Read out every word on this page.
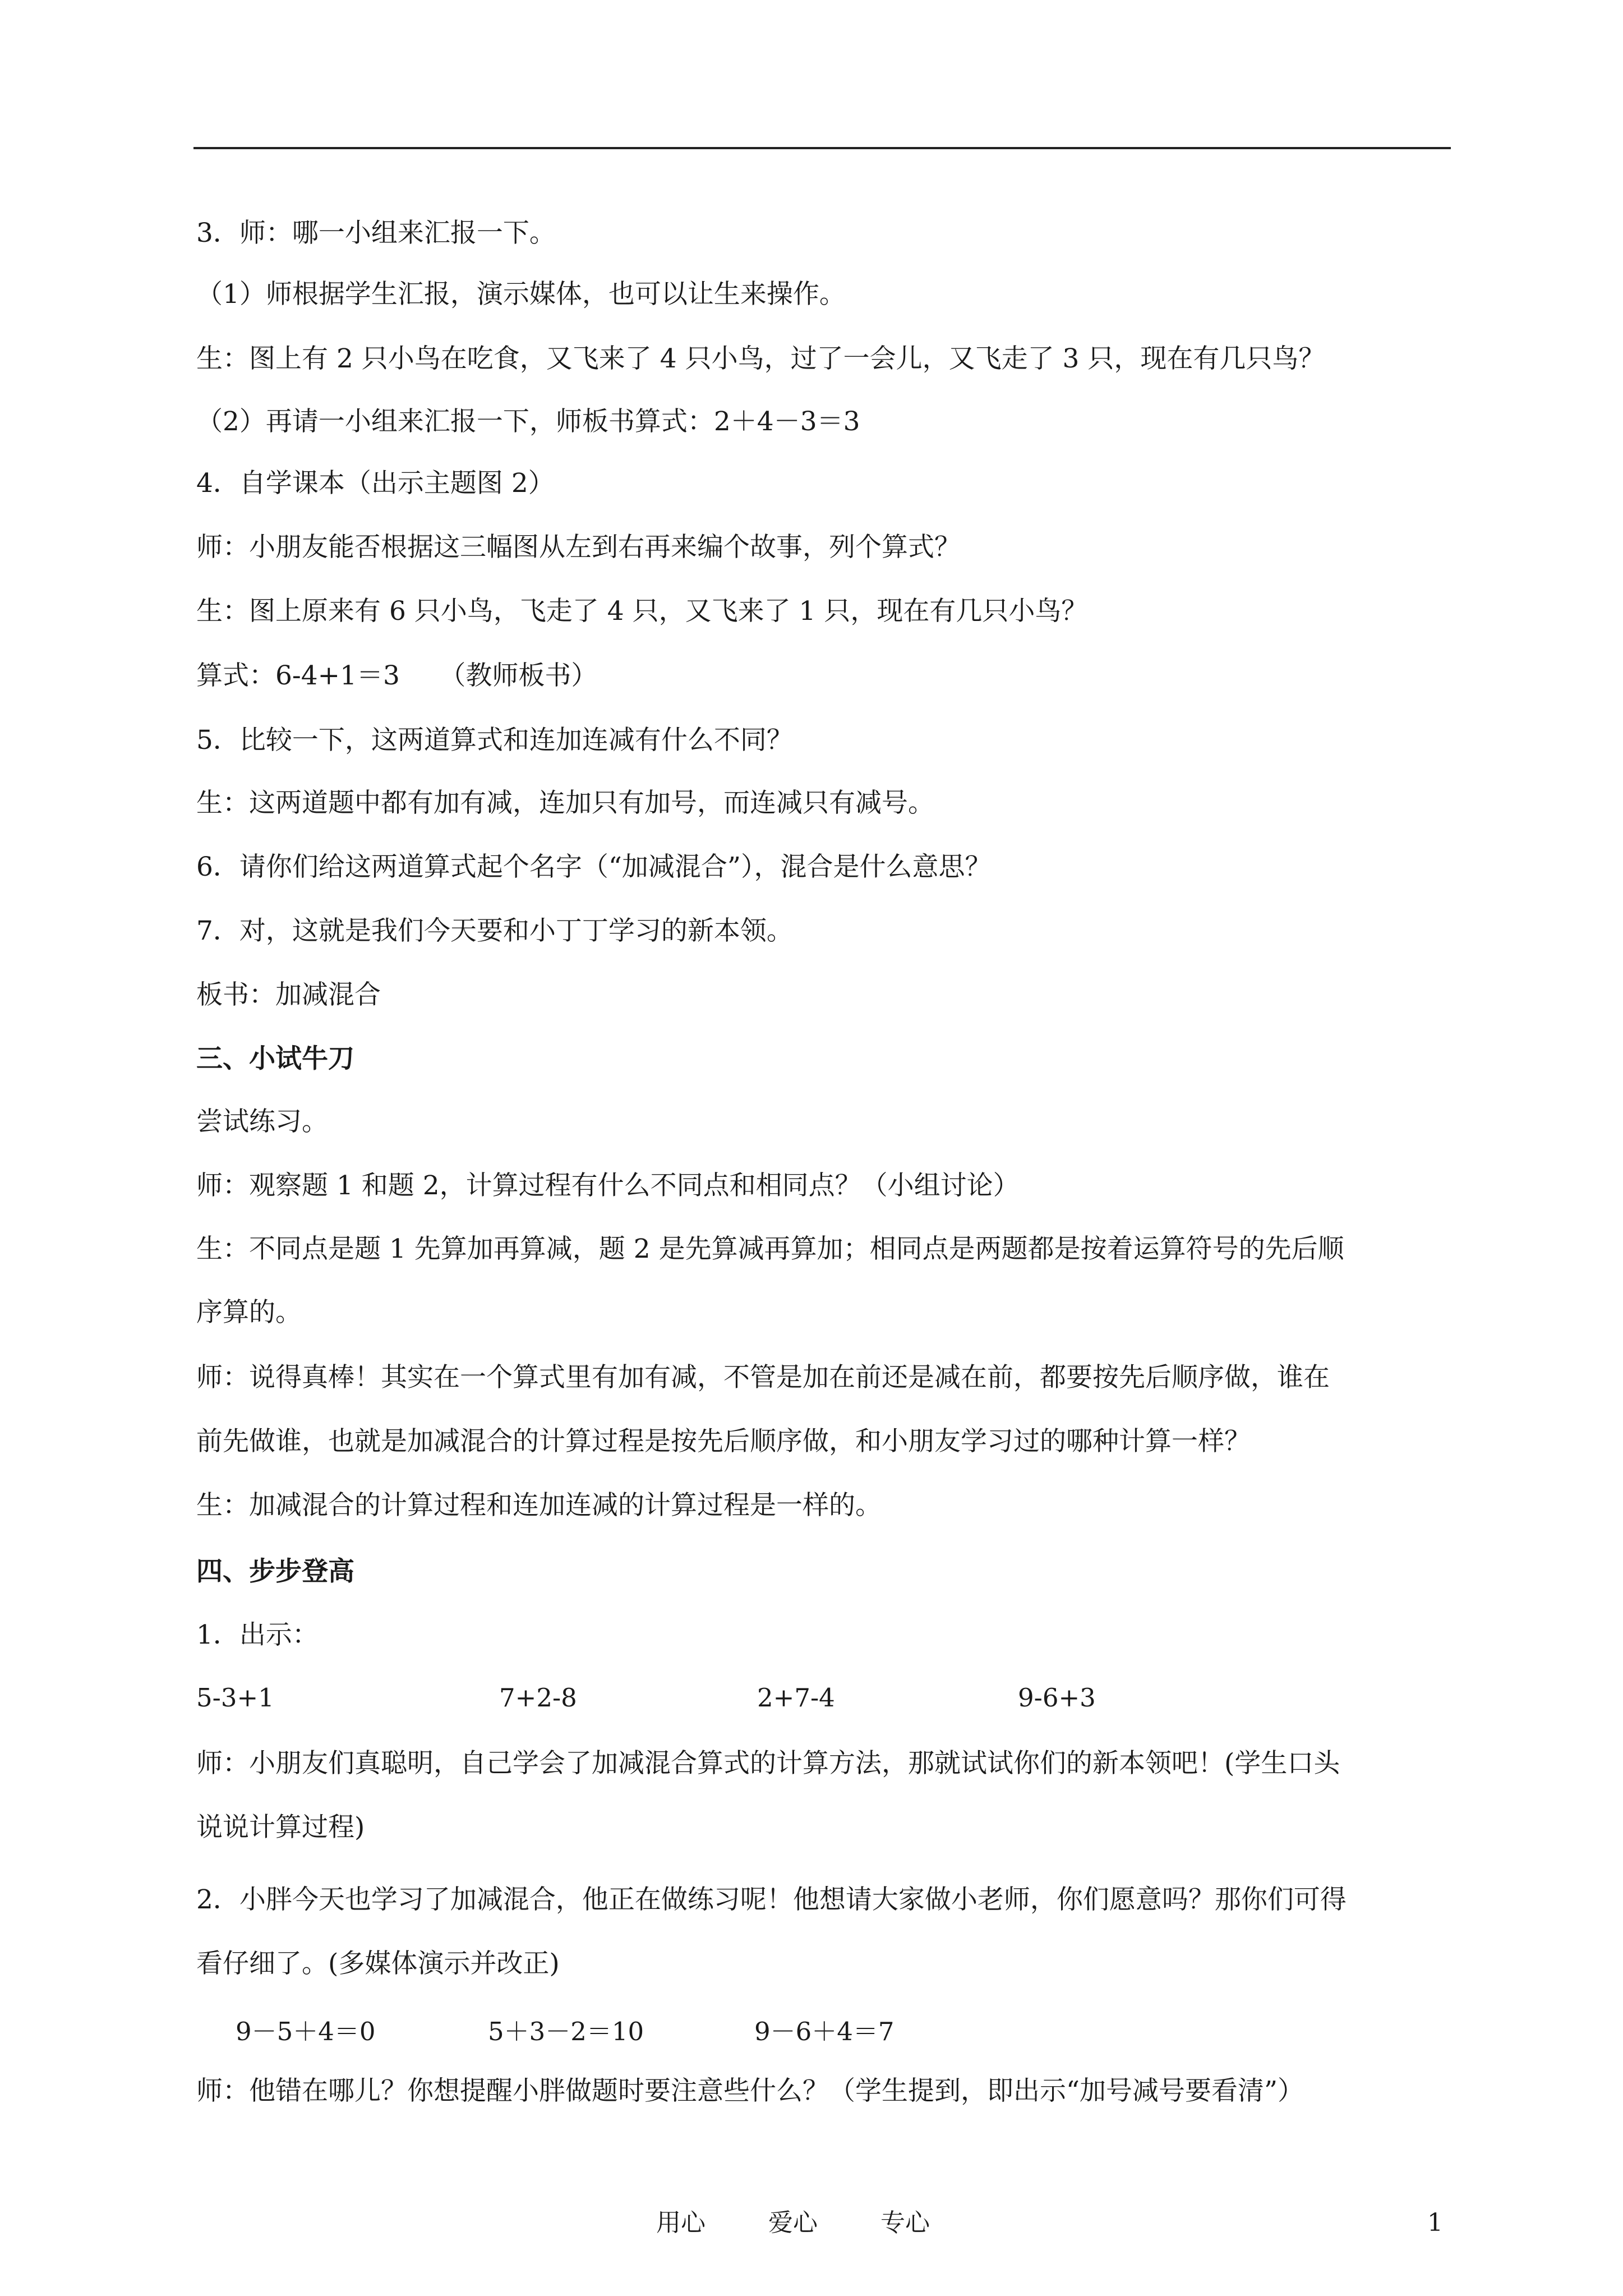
3．师：哪一小组来汇报一下。
（1）师根据学生汇报，演示媒体，也可以让生来操作。
生：图上有 2 只小鸟在吃食，又飞来了 4 只小鸟，过了一会儿，又飞走了 3 只，现在有几只鸟？
（2）再请一小组来汇报一下，师板书算式：2＋4－3＝3
4．自学课本（出示主题图 2）
师：小朋友能否根据这三幅图从左到右再来编个故事，列个算式？
生：图上原来有 6 只小鸟，飞走了 4 只，又飞来了 1 只，现在有几只小鸟？
算式：6-4+1＝3　　（教师板书）
5．比较一下，这两道算式和连加连减有什么不同？
生：这两道题中都有加有减，连加只有加号，而连减只有减号。
6．请你们给这两道算式起个名字（“加减混合”），混合是什么意思？
7．对，这就是我们今天要和小丁丁学习的新本领。
板书：加减混合
三、小试牛刀
尝试练习。
师：观察题 1 和题 2，计算过程有什么不同点和相同点？（小组讨论）
生：不同点是题 1 先算加再算减，题 2 是先算减再算加；相同点是两题都是按着运算符号的先后顺
序算的。
师：说得真棒！其实在一个算式里有加有减，不管是加在前还是减在前，都要按先后顺序做，谁在
前先做谁，也就是加减混合的计算过程是按先后顺序做，和小朋友学习过的哪种计算一样？
生：加减混合的计算过程和连加连减的计算过程是一样的。
四、步步登高
1．出示：
5-3+1	7+2-8	2+7-4	9-6+3
师：小朋友们真聪明，自己学会了加减混合算式的计算方法，那就试试你们的新本领吧！(学生口头
说说计算过程)
2．小胖今天也学习了加减混合，他正在做练习呢！他想请大家做小老师，你们愿意吗？那你们可得
看仔细了。(多媒体演示并改正)
9－5＋4＝0	5＋3－2＝10	9－6＋4＝7
师：他错在哪儿？你想提醒小胖做题时要注意些什么？（学生提到，即出示“加号减号要看清”）
用心	爱心	专心	1
